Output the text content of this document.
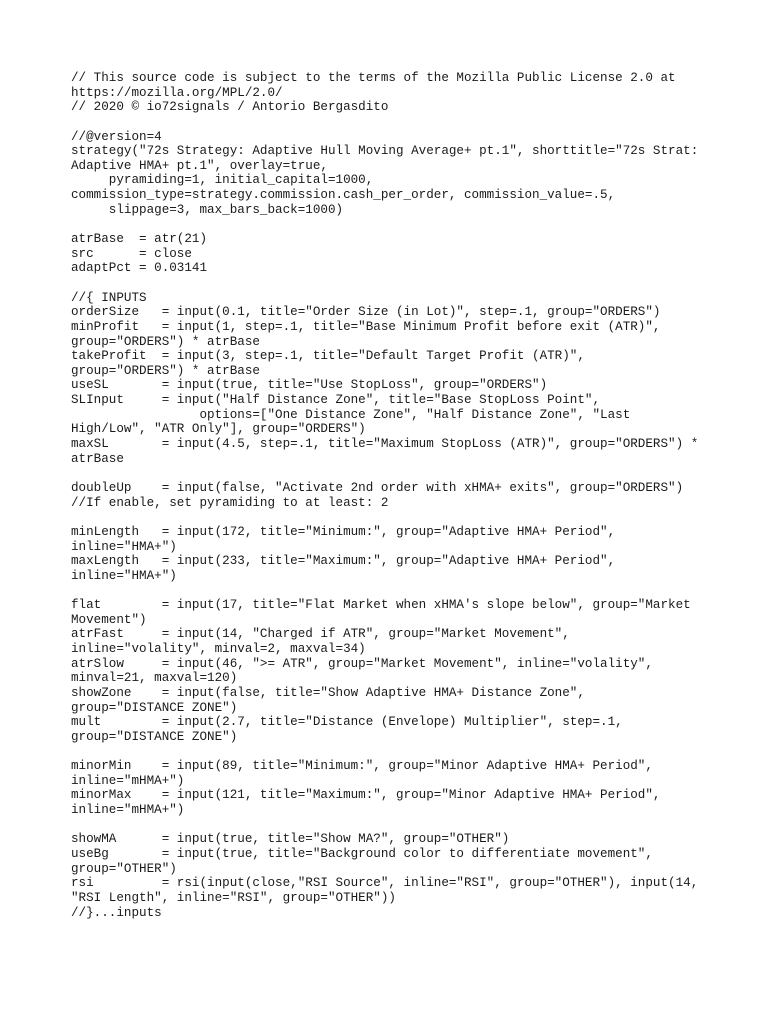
// This source code is subject to the terms of the Mozilla Public License 2.0 at
https://mozilla.org/MPL/2.0/
// 2020 © io72signals / Antorio Bergasdito
//@version=4
strategy("72s Strategy: Adaptive Hull Moving Average+ pt.1", shorttitle="72s Strat:
Adaptive HMA+ pt.1", overlay=true,
pyramiding=1, initial_capital=1000,
commission_type=strategy.commission.cash_per_order, commission_value=.5,
slippage=3, max_bars_back=1000)
atrBase  = atr(21)
src      = close
adaptPct = 0.03141
//{ INPUTS
orderSize   = input(0.1, title="Order Size (in Lot)", step=.1, group="ORDERS")
minProfit   = input(1, step=.1, title="Base Minimum Profit before exit (ATR)",
group="ORDERS") * atrBase
takeProfit  = input(3, step=.1, title="Default Target Profit (ATR)",
group="ORDERS") * atrBase
useSL       = input(true, title="Use StopLoss", group="ORDERS")
SLInput     = input("Half Distance Zone", title="Base StopLoss Point",
options=["One Distance Zone", "Half Distance Zone", "Last
High/Low", "ATR Only"], group="ORDERS")
maxSL       = input(4.5, step=.1, title="Maximum StopLoss (ATR)", group="ORDERS") *
atrBase
doubleUp    = input(false, "Activate 2nd order with xHMA+ exits", group="ORDERS")
//If enable, set pyramiding to at least: 2
minLength   = input(172, title="Minimum:", group="Adaptive HMA+ Period",
inline="HMA+")
maxLength   = input(233, title="Maximum:", group="Adaptive HMA+ Period",
inline="HMA+")
flat        = input(17, title="Flat Market when xHMA's slope below", group="Market
Movement")
atrFast     = input(14, "Charged if ATR", group="Market Movement",
inline="volality", minval=2, maxval=34)
atrSlow     = input(46, ">= ATR", group="Market Movement", inline="volality",
minval=21, maxval=120)
showZone    = input(false, title="Show Adaptive HMA+ Distance Zone",
group="DISTANCE ZONE")
mult        = input(2.7, title="Distance (Envelope) Multiplier", step=.1,
group="DISTANCE ZONE")
minorMin    = input(89, title="Minimum:", group="Minor Adaptive HMA+ Period",
inline="mHMA+")
minorMax    = input(121, title="Maximum:", group="Minor Adaptive HMA+ Period",
inline="mHMA+")
showMA      = input(true, title="Show MA?", group="OTHER")
useBg       = input(true, title="Background color to differentiate movement",
group="OTHER")
rsi         = rsi(input(close,"RSI Source", inline="RSI", group="OTHER"), input(14,
"RSI Length", inline="RSI", group="OTHER"))
//}...inputs
